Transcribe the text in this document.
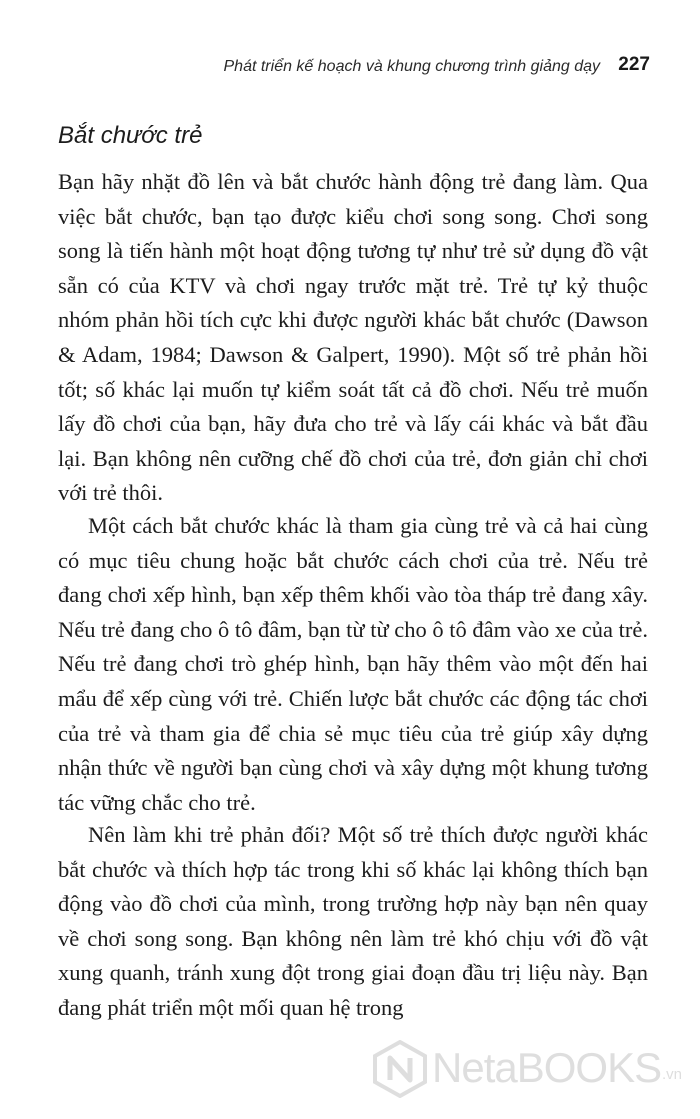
Phát triển kế hoạch và khung chương trình giảng dạy 227
Bắt chước trẻ

Bạn hãy nhặt đồ lên và bắt chước hành động trẻ đang làm. Qua việc bắt chước, bạn tạo được kiểu chơi song song. Chơi song song là tiến hành một hoạt động tương tự như trẻ sử dụng đồ vật sẵn có của KTV và chơi ngay trước mặt trẻ. Trẻ tự kỷ thuộc nhóm phản hồi tích cực khi được người khác bắt chước (Dawson & Adam, 1984; Dawson & Galpert, 1990). Một số trẻ phản hồi tốt; số khác lại muốn tự kiểm soát tất cả đồ chơi. Nếu trẻ muốn lấy đồ chơi của bạn, hãy đưa cho trẻ và lấy cái khác và bắt đầu lại. Bạn không nên cưỡng chế đồ chơi của trẻ, đơn giản chỉ chơi với trẻ thôi.

Một cách bắt chước khác là tham gia cùng trẻ và cả hai cùng có mục tiêu chung hoặc bắt chước cách chơi của trẻ. Nếu trẻ đang chơi xếp hình, bạn xếp thêm khối vào tòa tháp trẻ đang xây. Nếu trẻ đang cho ô tô đâm, bạn từ từ cho ô tô đâm vào xe của trẻ. Nếu trẻ đang chơi trò ghép hình, bạn hãy thêm vào một đến hai mẩu để xếp cùng với trẻ. Chiến lược bắt chước các động tác chơi của trẻ và tham gia để chia sẻ mục tiêu của trẻ giúp xây dựng nhận thức về người bạn cùng chơi và xây dựng một khung tương tác vững chắc cho trẻ.

Nên làm khi trẻ phản đối? Một số trẻ thích được người khác bắt chước và thích hợp tác trong khi số khác lại không thích bạn động vào đồ chơi của mình, trong trường hợp này bạn nên quay về chơi song song. Bạn không nên làm trẻ khó chịu với đồ vật xung quanh, tránh xung đột trong giai đoạn đầu trị liệu này. Bạn đang phát triển một mối quan hệ trong

NetaBOOKS .vn
